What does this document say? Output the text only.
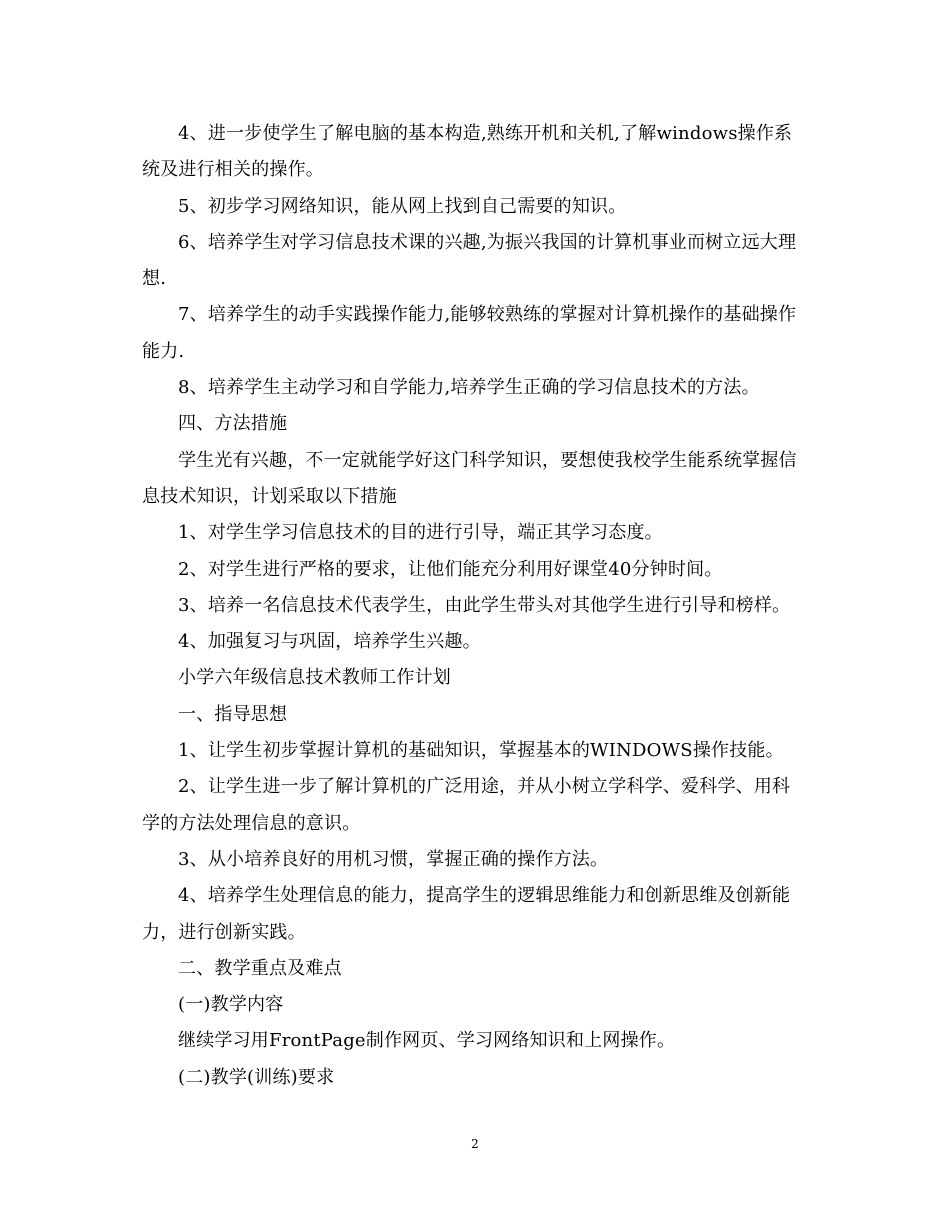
4、进一步使学生了解电脑的基本构造,熟练开机和关机,了解windows操作系统及进行相关的操作。

5、初步学习网络知识，能从网上找到自己需要的知识。

6、培养学生对学习信息技术课的兴趣,为振兴我国的计算机事业而树立远大理想.

7、培养学生的动手实践操作能力,能够较熟练的掌握对计算机操作的基础操作能力.

8、培养学生主动学习和自学能力,培养学生正确的学习信息技术的方法。

四、方法措施

学生光有兴趣，不一定就能学好这门科学知识，要想使我校学生能系统掌握信息技术知识，计划采取以下措施

1、对学生学习信息技术的目的进行引导，端正其学习态度。

2、对学生进行严格的要求，让他们能充分利用好课堂40分钟时间。

3、培养一名信息技术代表学生，由此学生带头对其他学生进行引导和榜样。

4、加强复习与巩固，培养学生兴趣。

小学六年级信息技术教师工作计划

一、指导思想

1、让学生初步掌握计算机的基础知识，掌握基本的WINDOWS操作技能。

2、让学生进一步了解计算机的广泛用途，并从小树立学科学、爱科学、用科学的方法处理信息的意识。

3、从小培养良好的用机习惯，掌握正确的操作方法。

4、培养学生处理信息的能力，提高学生的逻辑思维能力和创新思维及创新能力，进行创新实践。

二、教学重点及难点

(一)教学内容

继续学习用FrontPage制作网页、学习网络知识和上网操作。

(二)教学(训练)要求

2
